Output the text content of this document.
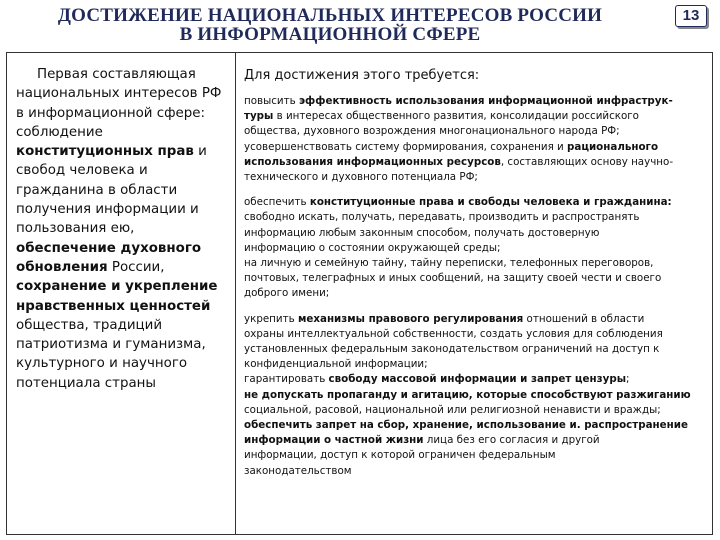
ДОСТИЖЕНИЕ НАЦИОНАЛЬНЫХ ИНТЕРЕСОВ РОССИИ
В ИНФОРМАЦИОННОЙ СФЕРЕ
13
Первая составляющая
национальных интересов РФ
в информационной сфере:
соблюдение
конституционных прав и
свобод человека и
гражданина в области
получения информации и
пользования ею,
обеспечение духовного
обновления России,
сохранение и укрепление
нравственных ценностей
общества, традиций
патриотизма и гуманизма,
культурного и научного
потенциала страны
Для достижения этого требуется:
повысить эффективность использования информационной инфраструк-
туры в интересах общественного развития, консолидации российского
общества, духовного возрождения многонационального народа РФ;
усовершенствовать систему формирования, сохранения и рационального
использования информационных ресурсов, составляющих основу научно-
технического и духовного потенциала РФ;
обеспечить конституционные права и свободы человека и гражданина:
свободно искать, получать, передавать, производить и распространять
информацию любым законным способом, получать достоверную
информацию о состоянии окружающей среды;
на личную и семейную тайну, тайну переписки, телефонных переговоров,
почтовых, телеграфных и иных сообщений, на защиту своей чести и своего
доброго имени;
укрепить механизмы правового регулирования отношений в области
охраны интеллектуальной собственности, создать условия для соблюдения
установленных федеральным законодательством ограничений на доступ к
конфиденциальной информации;
гарантировать свободу массовой информации и запрет цензуры;
не допускать пропаганду и агитацию, которые способствуют разжиганию
социальной, расовой, национальной или религиозной ненависти и вражды;
обеспечить запрет на сбор, хранение, использование и. распространение
информации о частной жизни лица без его согласия и другой
информации, доступ к которой ограничен федеральным
законодательством
